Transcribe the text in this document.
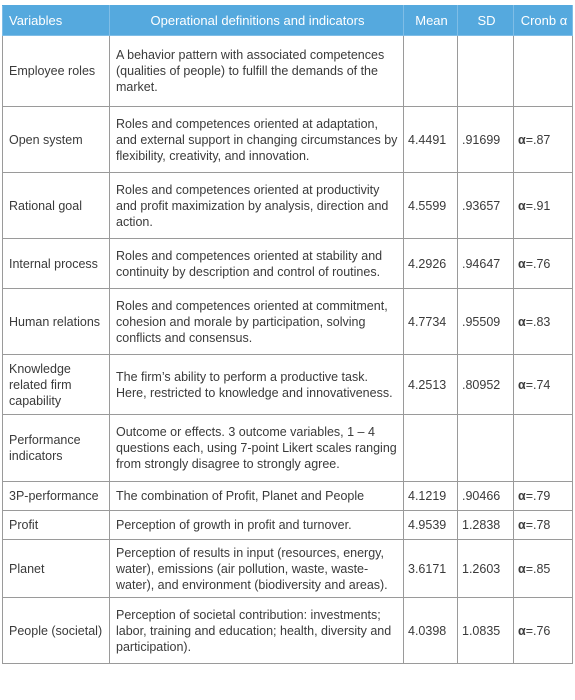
Variables	Operational definitions and indicators	Mean	SD	Cronb α
Employee roles	A behavior pattern with associated competences (qualities of people) to fulfill the demands of the market.			
Open system	Roles and competences oriented at adaptation, and external support in changing circumstances by flexibility, creativity, and innovation.	4.4491	.91699	α=.87
Rational goal	Roles and competences oriented at productivity and profit maximization by analysis, direction and action.	4.5599	.93657	α=.91
Internal process	Roles and competences oriented at stability and continuity by description and control of routines.	4.2926	.94647	α=.76
Human relations	Roles and competences oriented at commitment, cohesion and morale by participation, solving conflicts and consensus.	4.7734	.95509	α=.83
Knowledge related firm capability	The firm’s ability to perform a productive task. Here, restricted to knowledge and innovativeness.	4.2513	.80952	α=.74
Performance indicators	Outcome or effects. 3 outcome variables, 1 – 4 questions each, using 7-point Likert scales ranging from strongly disagree to strongly agree.			
3P-performance	The combination of Profit, Planet and People	4.1219	.90466	α=.79
Profit	Perception of growth in profit and turnover.	4.9539	1.2838	α=.78
Planet	Perception of results in input (resources, energy, water), emissions (air pollution, waste, waste-water), and environment (biodiversity and areas).	3.6171	1.2603	α=.85
People (societal)	Perception of societal contribution: investments; labor, training and education; health, diversity and participation).	4.0398	1.0835	α=.76
